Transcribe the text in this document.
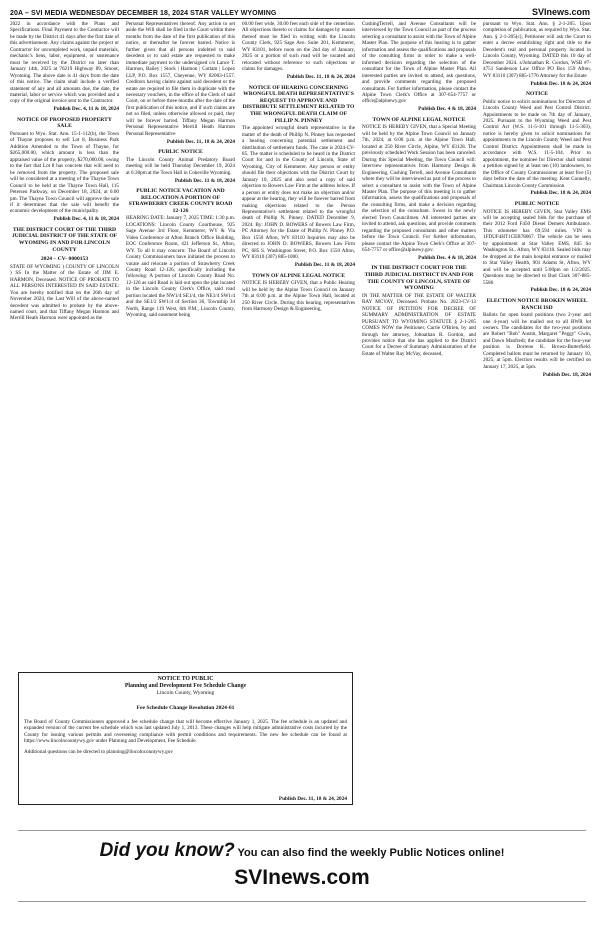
20A – SVI MEDIA WEDNESDAY DECEMBER 18, 2024 STAR VALLEY WYOMING	SVInews.com

2022 in accordance with the Plans and Specifications. Final Payment to the Contractor will be made by the District 41 days after the first date of this advertisement. Any claims against the project or Contractor for uncompleted work, unpaid materials, mechanic's liens, labor, equipment, or sustenance must be received by the District no later than January 14th, 2025 at 76219 Highway 89, Smoot, Wyoming. The above date is 41 days from the date of this notice. The claim shall include a verified statement of any and all amounts due, the date, the material, labor or service which was provided and a copy of the original invoice sent to the Contractor.

Publish Dec. 4, 11 & 18, 2024
NOTICE OF PROPOSED PROPERTY SALE

Pursuant to Wyo. Stat. Ann. 15-1-112(b), the Town of Thayne proposes to sell Lot 8, Business Park Addition Amended to the Town of Thayne, for $265,000.00, which amount is less than the appraised value of the property, $270,000.00, owing to the fact that Lot 8 has concrete that will need to be removed from the property. The proposed sale will be considered at a meeting of the Thayne Town Council to be held at the Thayne Town Hall, 115 Petersen Parkway, on December 18, 2024, at 6:00 pm. The Thayne Town Council will approve the sale if it determines that the sale will benefit the economic development of the municipality.

Publish Dec. 4, 11 & 18, 2024
THE DISTRICT COURT OF THE THIRD JUDICIAL DISTRICT OF THE STATE OF WYOMING IN AND FOR LINCOLN COUNTY
2024 – CV- 0000153

STATE OF WYOMING ) COUNTY OF LINCOLN ) SS In the Matter of the Estate of JIM E. HARMON, Deceased. NOTICE OF PROBATE TO ALL PERSONS INTERESTED IN SAID ESTATE: You are hereby notified that on the 26th day of November 2024, the Last Will of the above-named decedent was admitted to probate by the above-named court, and that Tiffany Megan Harmon and Merrill Heath Harmon were appointed as the

Personal Representatives thereof. Any action to set aside the Will shall be filed in the Court within three months from the date of the first publication of this notice, or thereafter be forever barred. Notice is further given that all persons indebted to said decedent or to said estate are requested to make immediate payment to the undersigned c/o Lance T. Harmon, Bailey | Stock | Harmon | Cottam | Lopez LLP, P.O. Box 1557, Cheyenne, WY 82003-1557. Creditors having claims against said decedent or the estate are required to file them in duplicate with the necessary vouchers, in the office of the Clerk of said Court, on or before three months after the date of the first publication of this notice, and if such claims are not so filed, unless otherwise allowed or paid, they will be forever barred. Tiffany Megan Harmon Personal Representative Merrill Heath Harmon Personal Representative

Publish Dec. 11, 18 & 24, 2024
PUBLIC NOTICE

The Lincoln County Animal Predatory Board meeting will be held Thursday December 19, 2024 at 6:30pm at the Town Hall in Cokeville Wyoming.

Publish Dec. 11 & 18, 2024
PUBLIC NOTICE VACATION AND RELOCATION A PORTION OF STRAWBERRY CREEK COUNTY ROAD 12-126

HEARING DATE: January 7, 2025 TIME: 1:30 p.m. LOCATIONS: Lincoln County Courthouse, 925 Sage Avenue 3rd Floor, Kemmerer, WY & Via Video Conference at Afton Branch Office Building, EOC Conference Room, 421 Jefferson St., Afton, WY. To all it may concern: The Board of Lincoln County Commissioners have initiated the process to vacate and relocate a portion of Strawberry Creek County Road 12-126, specifically including the following: A portion of Lincoln County Road No. 12-126 as said Road is laid out upon the plat located in the Lincoln County Clerk's Office, said road portion located the NW1/4 SE1/4, the NE1/4 SW1/4 and the SE1/2 SW1/4 of Section 36, Township 34 North, Range 119 West, 6th P.M., Lincoln County, Wyoming, said easement being

60.00 feet wide, 30.00 feet each side of the centerline. All objections thereto or claims for damages by reason thereof must be filed in writing with the Lincoln County Clerk, 925 Sage Ave. Suite 201, Kemmerer, WY 83101, before noon on the 2nd day of January, 2025 or a portion of such road will be vacated and relocated without reference to such objections or claims for damages.

Publish Dec. 11, 18 & 24, 2024
NOTICE OF HEARING CONCERNING WRONGFUL DEATH REPRESENTATIVE'S REQUEST TO APPROVE AND DISTRIBUTE SETTLEMENT RELATED TO THE WRONGFUL DEATH CLAIM OF PILLIP N. PINNEY

The appointed wrongful death representative in the matter of the death of Phillip N. Pinney has requested a hearing concerning potential settlement and distribution of settlement funds. The case is 2024-CV-85. The matter is scheduled to be heard in the District Court for and in the County of Lincoln, State of Wyoming, City of Kemmerer. Any person or entity should file their objections with the District Court by January 10, 2025 and also send a copy of said objection to Bowers Law Firm at the address below. If a person or entity does not make an objection and/or appear at the hearing, they will be forever barred from making objections related to the Person Representative's settlement related to the wrongful death of Phillip N. Pinney. DATED December 9, 2024. By: JOHN D. BOWERS of Bowers Law Firm, PC Attorney for the Estate of Phillip N. Pinney P.O. Box 1550 Afton, WY 83110 Inquiries may also be directed to JOHN D. BOWERS, Bowers Law Firm PC, 685 S. Washington Street, P.O. Box 1550 Afton, WY 83110 (307) 885-1000.

Publish Dec. 11 & 18, 2024
TOWN OF ALPINE LEGAL NOTICE

NOTICE IS HEREBY GIVEN, that a Public Hearing will be held by the Alpine Town Council on January 7th at 6:00 p.m. at the Alpine Town Hall, located at 250 River Circle. During this hearing, representatives from Harmony Design & Engineering,

CushingTerrell, and Avenue Consultants will be interviewed by the Town Council as part of the process selecting a consultant to assist with the Town of Alpine Master Plan. The purpose of this hearing is to gather information and assess the qualifications and proposals of the consulting firms in order to make a well-informed decision regarding the selection of the consultant for the Town of Alpine Master Plan. All interested parties are invited to attend, ask questions, and provide comments regarding the proposed consultants. For further information, please contact the Alpine Town Clerk's Office at 307-654-7757 or office@alpinewy.gov

Publish Dec. 4 & 18, 2024
TOWN OF ALPINE LEGAL NOTICE

NOTICE IS HEREBY GIVEN, that a Special Meeting will be held by the Alpine Town Council on January 7th, 2024, at 6:00 p.m. at the Alpine Town Hall, located at 250 River Circle, Alpine, WY 83128. The previously scheduled Work Session has been canceled. During this Special Meeting, the Town Council will: Interview representatives from Harmony Design & Engineering, Cushing Terrell, and Avenue Consultants where they will be interviewed as part of the process to select a consultant to assist with the Town of Alpine Master Plan. The purpose of this meeting is to gather information, assess the qualifications and proposals of the consulting firms, and make a decision regarding the selection of the consultant. Swear in the newly elected Town Councilmen. All interested parties are invited to attend, ask questions, and provide comments regarding the proposed consultants and other matters before the Town Council. For further information, please contact the Alpine Town Clerk's Office at 307-654-7757 or office@alpinewy.gov.

Publish Dec. 4 & 18, 2024
IN THE DISTRICT COURT FOR THE THIRD JUDICIAL DISTRICT IN AND FOR THE COUNTY OF LINCOLN, STATE OF WYOMING

IN THE MATTER OF THE ESTATE OF WALTER RAY MCVAY, Deceased. Probate No. 2023-CV-13 NOTICE OF PETITION FOR DECREE OF SUMMARY ADMINISTRATION OF ESTATE PURSUANT TO WYOMING STATUTE § 2-1-205 COMES NOW the Petitioner, Carrie O'Brien, by and through her attorney, Johnathan R. Gordon, and provides notice that she has applied to the District Court for a Decree of Summary Administration of the Estate of Walter Ray McVay, deceased,

pursuant to Wyo. Stat. Ann. § 2-1-205. Upon completion of publication, as required by Wyo. Stat. Ann. § 2-1-205(c), Petitioner will ask the Court to enter a decree establishing right and title to the Decedent's real and personal property located in Lincoln County, Wyoming. DATED this 10 day of December 2024. s/Johnathan R. Gordon, WSB #7-4751 Sanderson Law Office PO Box 159 Afton, WY 83110 (307) 885-1776 Attorney for the Estate

Publish Dec. 18 & 24, 2024
NOTICE

Public notice to solicit nominations for Directors of Lincoln County Weed and Pest Control District. Appointments to be made on 7th day of January, 2025. Pursuant to the Wyoming Weed and Pest Control Act (W.S. 11-5-101 through 11-5-303), notice is hereby given to solicit nominations for appointments to the Lincoln County Weed and Pest Control District. Appointments shall be made in accordance with W.S. 11-5-104. Prior to appointment, the nominee for Director shall submit a petition signed by at least ten (10) landowners, to the Office of County Commissioner at least five (5) days before the date of the meeting. Kent Connelly, Chairman Lincoln County Commission

Publish Dec. 18 & 24, 2024
PUBLIC NOTICE

NOTICE IS HEREBY GIVEN, Star Valley EMS will be accepting sealed bids for the purchase of their 2012 Ford F450 Diesel Demers Ambulance. This odometer has 69,594 miles. VIN is 1FDUF4HT1CEB78067. The vehicle can be seen by appointment at Star Valley EMS, 845 So Washington St., Afton, WY 83110. Sealed bids may be dropped at the main hospital entrance or mailed to Star Valley Health, 901 Adams St, Afton, WY and will be accepted until 5:00pm on 1/2/2025. Questions may be directed to Bud Clark 307-885-5586

Publish Dec. 18 & 24, 2024
ELECTION NOTICE BROKEN WHEEL RANCH ISD

Ballots for open board positions (two 2-year and one 4-year) will be mailed out to all BWR lot owners. The candidates for the two-year positions are Robert "Bob" Austin, Margaret "Peggy" Gwin, and Dawn Manfredi; the candidate for the four-year position is Dorrene K. Brown-Butterfield. Completed ballots must be returned by January 10, 2025, at 5pm. Election results will be certified on January 17, 2025, at 5pm.

Publish Dec. 18, 2024
NOTICE TO PUBLIC
Planning and Development Fee Schedule Change
Lincoln County, Wyoming
Fee Schedule Change Resolution 2024-61

The Board of County Commissioners approved a fee schedule change that will become effective January 1, 2025. The fee schedule is an updated and expanded version of the current fee schedule which was last updated July 1, 2013. These changes will help mitigate administrative costs incurred by the County for issuing various permits and overseeing compliance with permit conditions and requirements. The new fee schedule can be found at https://www.lincolncountywy.gov under Planning and Development, Fee Schedule.

Additional questions can be directed to planning@lincolncountywy.gov

Publish Dec. 11, 18 & 24, 2024
Did you know? You can also find the weekly Public Notices online!
SVInews.com
